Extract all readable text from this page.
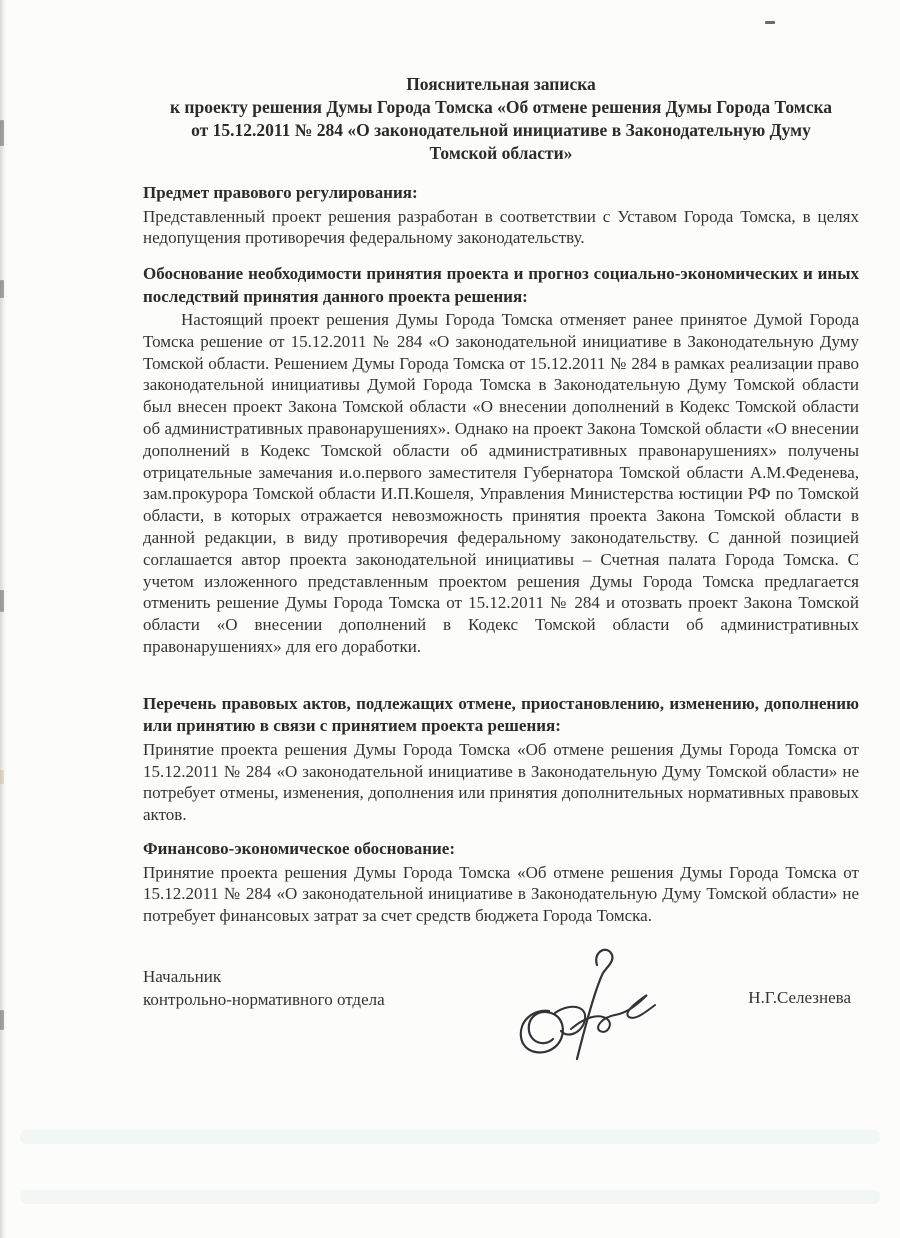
Пояснительная записка
к проекту решения Думы Города Томска «Об отмене решения Думы Города Томска
от 15.12.2011 № 284 «О законодательной инициативе в Законодательную Думу
Томской области»
Предмет правового регулирования:
Представленный проект решения разработан в соответствии с Уставом Города Томска, в целях недопущения противоречия федеральному законодательству.
Обоснование необходимости принятия проекта и прогноз социально-экономических и иных последствий принятия данного проекта решения:
Настоящий проект решения Думы Города Томска отменяет ранее принятое Думой Города Томска решение от 15.12.2011 № 284 «О законодательной инициативе в Законодательную Думу Томской области. Решением Думы Города Томска от 15.12.2011 № 284 в рамках реализации право законодательной инициативы Думой Города Томска в Законодательную Думу Томской области был внесен проект Закона Томской области «О внесении дополнений в Кодекс Томской области об административных правонарушениях». Однако на проект Закона Томской области «О внесении дополнений в Кодекс Томской области об административных правонарушениях» получены отрицательные замечания и.о.первого заместителя Губернатора Томской области А.М.Феденева, зам.прокурора Томской области И.П.Кошеля, Управления Министерства юстиции РФ по Томской области, в которых отражается невозможность принятия проекта Закона Томской области в данной редакции, в виду противоречия федеральному законодательству. С данной позицией соглашается автор проекта законодательной инициативы – Счетная палата Города Томска. С учетом изложенного представленным проектом решения Думы Города Томска предлагается отменить решение Думы Города Томска от 15.12.2011 № 284 и отозвать проект Закона Томской области «О внесении дополнений в Кодекс Томской области об административных правонарушениях» для его доработки.
Перечень правовых актов, подлежащих отмене, приостановлению, изменению, дополнению или принятию в связи с принятием проекта решения:
Принятие проекта решения Думы Города Томска «Об отмене решения Думы Города Томска от 15.12.2011 № 284 «О законодательной инициативе в Законодательную Думу Томской области» не потребует отмены, изменения, дополнения или принятия дополнительных нормативных правовых актов.
Финансово-экономическое обоснование:
Принятие проекта решения Думы Города Томска «Об отмене решения Думы Города Томска от 15.12.2011 № 284 «О законодательной инициативе в Законодательную Думу Томской области» не потребует финансовых затрат за счет средств бюджета Города Томска.
Начальник
контрольно-нормативного отдела	Н.Г.Селезнева
